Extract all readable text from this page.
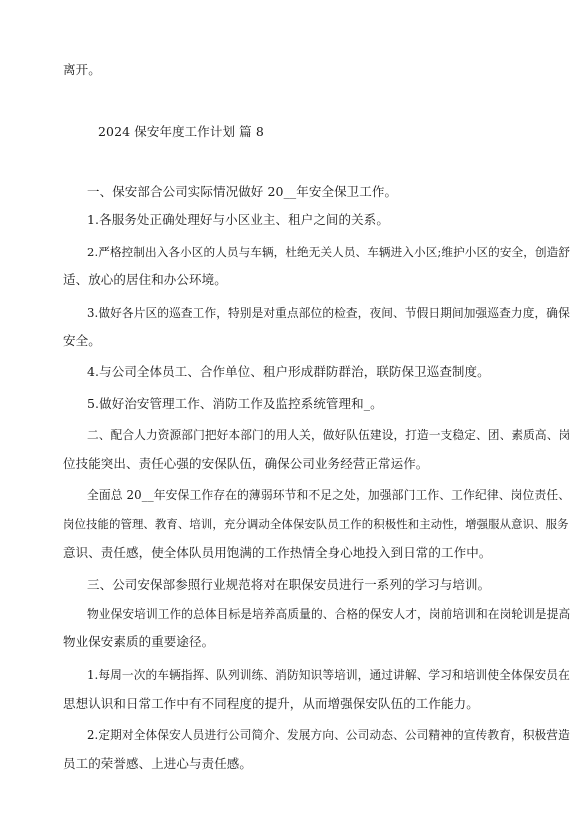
离开。

2024 保安年度工作计划 篇 8

一、保安部合公司实际情况做好 20__年安全保卫工作。

1.各服务处正确处理好与小区业主、租户之间的关系。

2.严格控制出入各小区的人员与车辆，杜绝无关人员、车辆进入小区;维护小区的安全，创造舒

适、放心的居住和办公环境。

3.做好各片区的巡查工作，特别是对重点部位的检查，夜间、节假日期间加强巡查力度，确保

安全。

4.与公司全体员工、合作单位、租户形成群防群治，联防保卫巡查制度。

5.做好治安管理工作、消防工作及监控系统管理和_。

二、配合人力资源部门把好本部门的用人关，做好队伍建设，打造一支稳定、团、素质高、岗

位技能突出、责任心强的安保队伍，确保公司业务经营正常运作。

全面总 20__年安保工作存在的薄弱环节和不足之处，加强部门工作、工作纪律、岗位责任、

岗位技能的管理、教育、培训，充分调动全体保安队员工作的积极性和主动性，增强服从意识、服务

意识、责任感，使全体队员用饱满的工作热情全身心地投入到日常的工作中。

三、公司安保部参照行业规范将对在职保安员进行一系列的学习与培训。

物业保安培训工作的总体目标是培养高质量的、合格的保安人才，岗前培训和在岗轮训是提高

物业保安素质的重要途径。

1.每周一次的车辆指挥、队列训练、消防知识等培训，通过讲解、学习和培训使全体保安员在

思想认识和日常工作中有不同程度的提升，从而增强保安队伍的工作能力。

2.定期对全体保安人员进行公司简介、发展方向、公司动态、公司精神的宣传教育，积极营造

员工的荣誉感、上进心与责任感。
